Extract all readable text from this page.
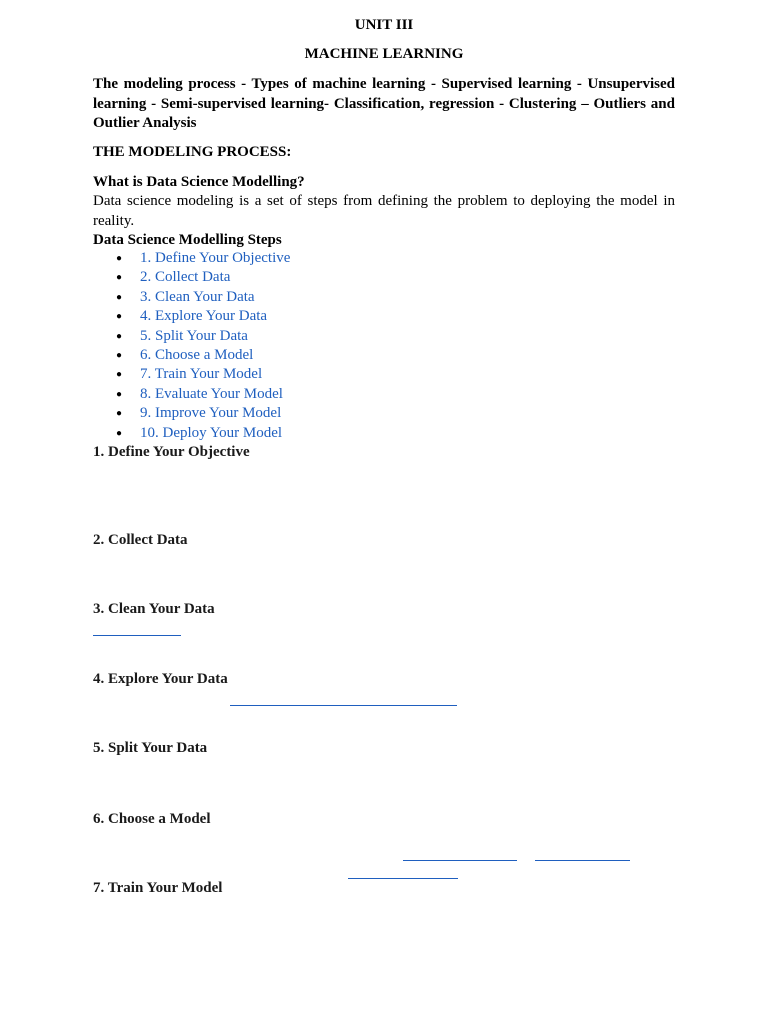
UNIT III
MACHINE LEARNING
The modeling process - Types of machine learning - Supervised learning - Unsupervised learning - Semi-supervised learning- Classification, regression - Clustering – Outliers and Outlier Analysis
THE MODELING PROCESS:
What is Data Science Modelling?
Data science modeling is a set of steps from defining the problem to deploying the model in reality.
Data Science Modelling Steps
● 1. Define Your Objective
● 2. Collect Data
● 3. Clean Your Data
● 4. Explore Your Data
● 5. Split Your Data
● 6. Choose a Model
● 7. Train Your Model
● 8. Evaluate Your Model
● 9. Improve Your Model
● 10. Deploy Your Model
1. Define Your Objective
2. Collect Data
3. Clean Your Data
4. Explore Your Data
5. Split Your Data
6. Choose a Model
7. Train Your Model
